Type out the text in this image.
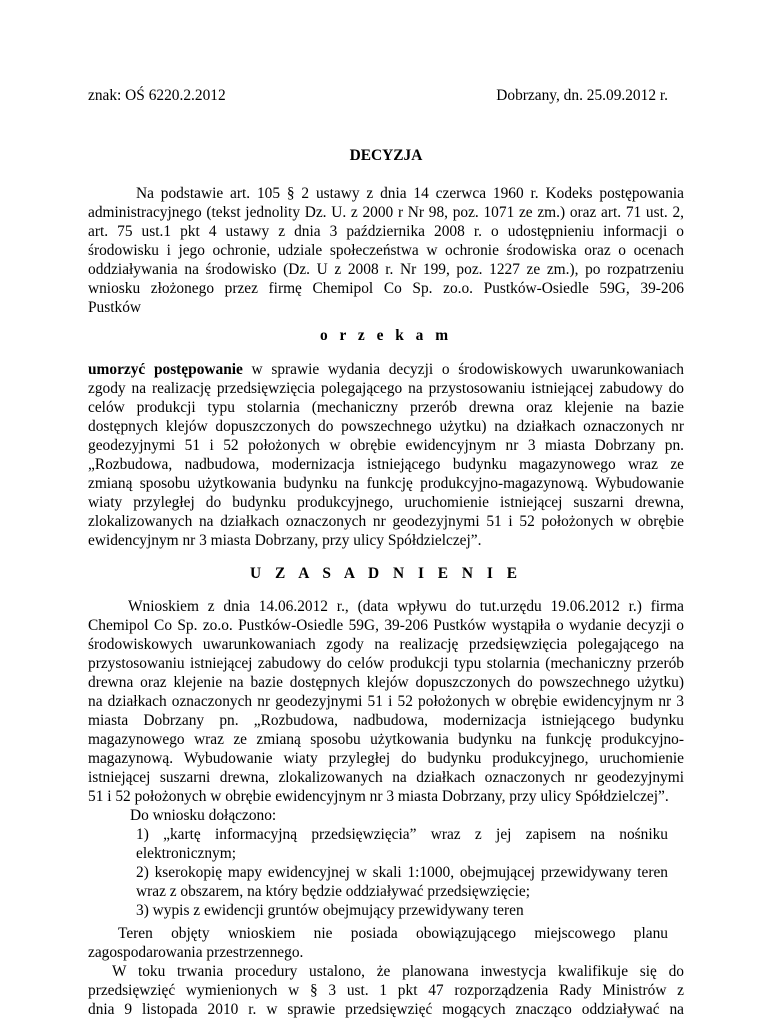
znak: OŚ 6220.2.2012	Dobrzany, dn. 25.09.2012 r.
DECYZJA
Na podstawie art. 105 § 2 ustawy z dnia 14 czerwca 1960 r. Kodeks postępowania
administracyjnego (tekst jednolity Dz. U. z 2000 r Nr 98, poz. 1071 ze zm.) oraz art. 71 ust. 2,
art. 75 ust.1 pkt 4 ustawy z dnia 3 października 2008 r. o udostępnieniu informacji o
środowisku i jego ochronie, udziale społeczeństwa w ochronie środowiska oraz o ocenach
oddziaływania na środowisko (Dz. U z 2008 r. Nr 199, poz. 1227 ze zm.), po rozpatrzeniu
wniosku złożonego przez firmę Chemipol Co Sp. zo.o. Pustków-Osiedle 59G, 39-206
Pustków
o r z e k a m
umorzyć postępowanie w sprawie wydania decyzji o środowiskowych uwarunkowaniach
zgody na realizację przedsięwzięcia polegającego na przystosowaniu istniejącej zabudowy do
celów produkcji typu stolarnia (mechaniczny przerób drewna oraz klejenie na bazie
dostępnych klejów dopuszczonych do powszechnego użytku) na działkach oznaczonych nr
geodezyjnymi 51 i 52 położonych w obrębie ewidencyjnym nr 3 miasta Dobrzany pn.
„Rozbudowa, nadbudowa, modernizacja istniejącego budynku magazynowego wraz ze
zmianą sposobu użytkowania budynku na funkcję produkcyjno-magazynową. Wybudowanie
wiaty przyległej do budynku produkcyjnego, uruchomienie istniejącej suszarni drewna,
zlokalizowanych na działkach oznaczonych nr geodezyjnymi 51 i 52 położonych w obrębie
ewidencyjnym nr 3 miasta Dobrzany, przy ulicy Spółdzielczej”.
U Z A S A D N I E N I E
Wnioskiem z dnia 14.06.2012 r., (data wpływu do tut.urzędu 19.06.2012 r.) firma
Chemipol Co Sp. zo.o. Pustków-Osiedle 59G, 39-206 Pustków wystąpiła o wydanie decyzji o
środowiskowych uwarunkowaniach zgody na realizację przedsięwzięcia polegającego na
przystosowaniu istniejącej zabudowy do celów produkcji typu stolarnia (mechaniczny przerób
drewna oraz klejenie na bazie dostępnych klejów dopuszczonych do powszechnego użytku)
na działkach oznaczonych nr geodezyjnymi 51 i 52 położonych w obrębie ewidencyjnym nr 3
miasta Dobrzany pn. „Rozbudowa, nadbudowa, modernizacja istniejącego budynku
magazynowego wraz ze zmianą sposobu użytkowania budynku na funkcję produkcyjno-
magazynową. Wybudowanie wiaty przyległej do budynku produkcyjnego, uruchomienie
istniejącej suszarni drewna, zlokalizowanych na działkach oznaczonych nr geodezyjnymi
51 i 52 położonych w obrębie ewidencyjnym nr 3 miasta Dobrzany, przy ulicy Spółdzielczej”.
Do wniosku dołączono:
1) „kartę informacyjną przedsięwzięcia” wraz z jej zapisem na nośniku
elektronicznym;
2) kserokopię mapy ewidencyjnej w skali 1:1000, obejmującej przewidywany teren
wraz z obszarem, na który będzie oddziaływać przedsięwzięcie;
3) wypis z ewidencji gruntów obejmujący przewidywany teren
Teren objęty wnioskiem nie posiada obowiązującego miejscowego planu
zagospodarowania przestrzennego.
W toku trwania procedury ustalono, że planowana inwestycja kwalifikuje się do
przedsięwzięć wymienionych w § 3 ust. 1 pkt 47 rozporządzenia Rady Ministrów z
dnia 9 listopada 2010 r. w sprawie przedsięwzięć mogących znacząco oddziaływać na
